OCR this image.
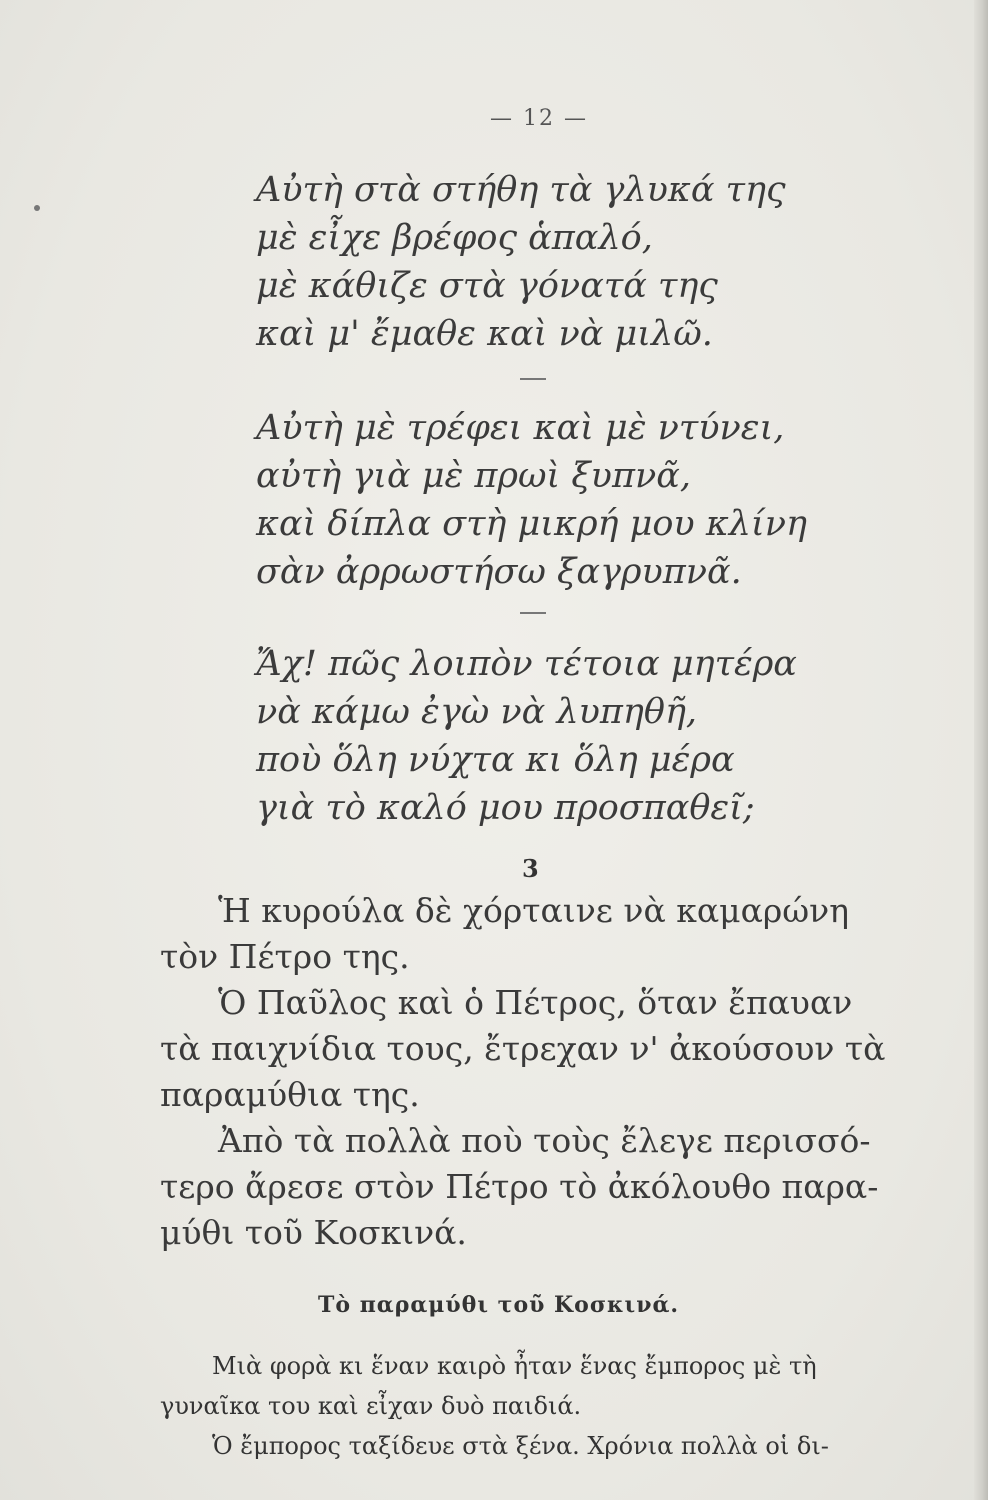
— 12 —
Αὐτὴ στὰ στήθη τὰ γλυκά της
μὲ εἶχε βρέφος ἁπαλό,
μὲ κάθιζε στὰ γόνατά της
καὶ μ' ἔμαθε καὶ νὰ μιλῶ.
Αὐτὴ μὲ τρέφει καὶ μὲ ντύνει,
αὐτὴ γιὰ μὲ πρωὶ ξυπνᾶ,
καὶ δίπλα στὴ μικρή μου κλίνη
σὰν ἀρρωστήσω ξαγρυπνᾶ.
Ἄχ! πῶς λοιπὸν τέτοια μητέρα
νὰ κάμω ἐγὼ νὰ λυπηθῆ,
ποὺ ὅλη νύχτα κι ὅλη μέρα
γιὰ τὸ καλό μου προσπαθεῖ;
3
Ἡ κυρούλα δὲ χόρταινε νὰ καμαρώνη
τὸν Πέτρο της.
Ὁ Παῦλος καὶ ὁ Πέτρος, ὅταν ἔπαυαν
τὰ παιχνίδια τους, ἔτρεχαν ν' ἀκούσουν τὰ
παραμύθια της.
Ἀπὸ τὰ πολλὰ ποὺ τοὺς ἔλεγε περισσό-
τερο ἄρεσε στὸν Πέτρο τὸ ἀκόλουθο παρα-
μύθι τοῦ Κοσκινά.
Τὸ παραμύθι τοῦ Κοσκινά.
Μιὰ φορὰ κι ἕναν καιρὸ ἦταν ἕνας ἔμπορος μὲ τὴ
γυναῖκα του καὶ εἶχαν δυὸ παιδιά.
Ὁ ἔμπορος ταξίδευε στὰ ξένα. Χρόνια πολλὰ οἱ δι-
